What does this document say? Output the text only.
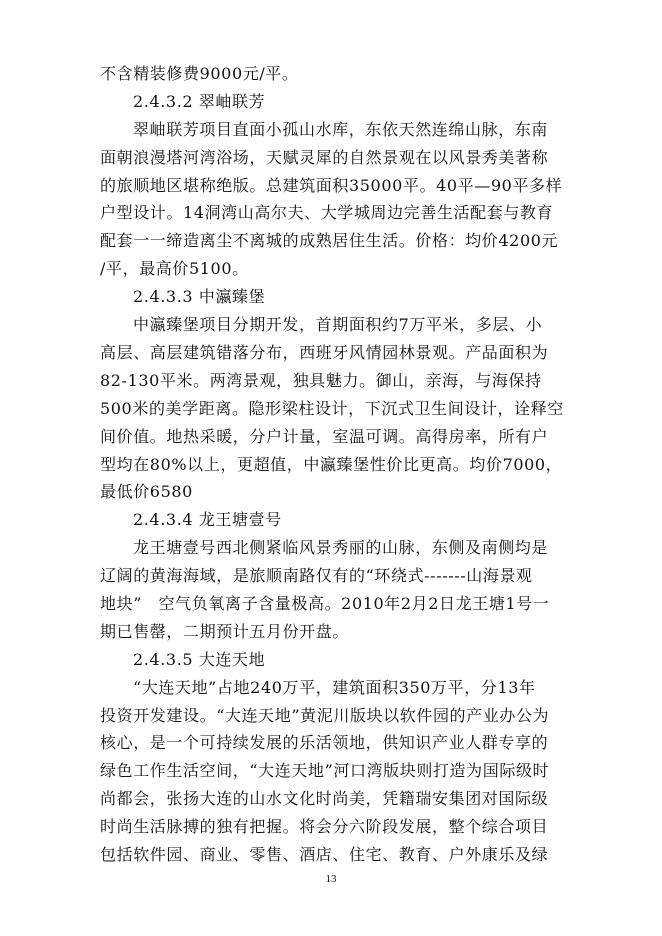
不含精装修费9000元/平。
2.4.3.2 翠岫联芳
翠岫联芳项目直面小孤山水库，东依天然连绵山脉，东南
面朝浪漫塔河湾浴场，天赋灵犀的自然景观在以风景秀美著称
的旅顺地区堪称绝版。总建筑面积35000平。40平—90平多样
户型设计。14洞湾山高尔夫、大学城周边完善生活配套与教育
配套一一缔造离尘不离城的成熟居住生活。价格：均价4200元
/平，最高价5100。
2.4.3.3 中瀛臻堡
中瀛臻堡项目分期开发，首期面积约7万平米，多层、小
高层、高层建筑错落分布，西班牙风情园林景观。产品面积为
82-130平米。两湾景观，独具魅力。御山，亲海，与海保持
500米的美学距离。隐形梁柱设计，下沉式卫生间设计，诠释空
间价值。地热采暖，分户计量，室温可调。高得房率，所有户
型均在80%以上，更超值，中瀛臻堡性价比更高。均价7000，
最低价6580
2.4.3.4 龙王塘壹号
龙王塘壹号西北侧紧临风景秀丽的山脉，东侧及南侧均是
辽阔的黄海海域，是旅顺南路仅有的“环绕式-------山海景观
地块”　空气负氧离子含量极高。2010年2月2日龙王塘1号一
期已售罄，二期预计五月份开盘。
2.4.3.5 大连天地
“大连天地”占地240万平，建筑面积350万平，分13年
投资开发建设。“大连天地”黄泥川版块以软件园的产业办公为
核心，是一个可持续发展的乐活领地，供知识产业人群专享的
绿色工作生活空间，“大连天地”河口湾版块则打造为国际级时
尚都会，张扬大连的山水文化时尚美，凭籍瑞安集团对国际级
时尚生活脉搏的独有把握。将会分六阶段发展，整个综合项目
包括软件园、商业、零售、酒店、住宅、教育、户外康乐及绿
13
